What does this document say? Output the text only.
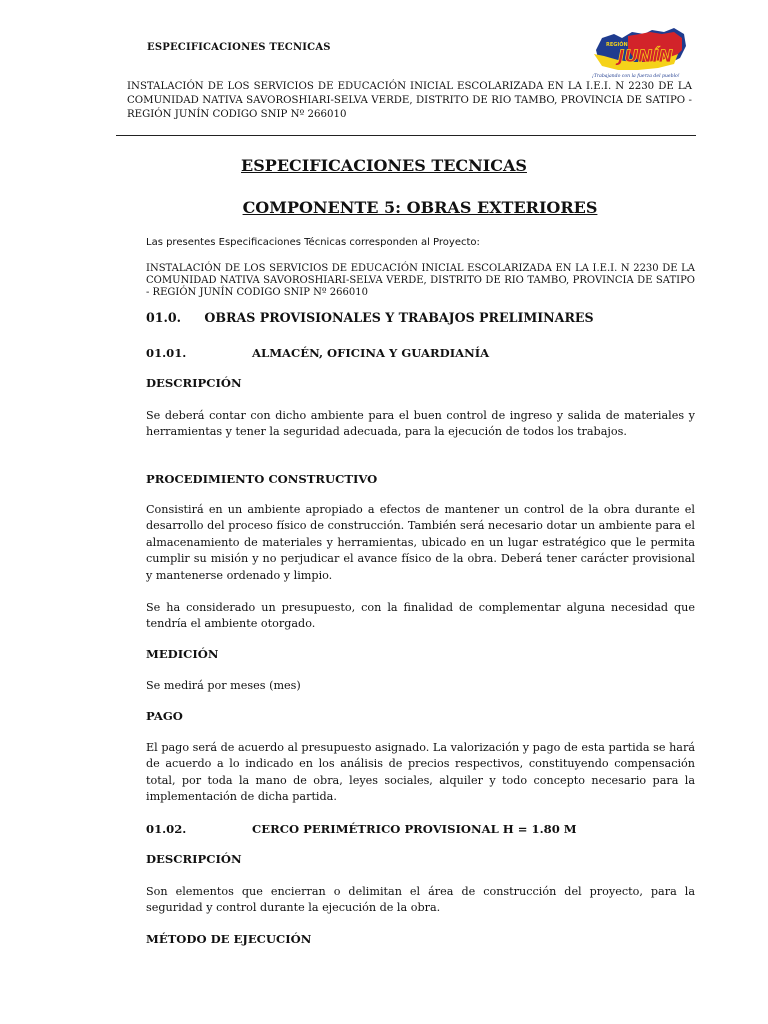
ESPECIFICACIONES TECNICAS	REGIÓN
JUNÍN
¡Trabajando con la fuerza del pueblo!
INSTALACIÓN DE LOS SERVICIOS DE EDUCACIÓN INICIAL ESCOLARIZADA EN LA I.E.I. N 2230 DE LA COMUNIDAD NATIVA SAVOROSHIARI-SELVA VERDE, DISTRITO DE RIO TAMBO, PROVINCIA DE SATIPO - REGIÓN JUNÍN CODIGO SNIP Nº 266010
ESPECIFICACIONES TECNICAS
COMPONENTE 5: OBRAS EXTERIORES
Las presentes Especificaciones Técnicas corresponden al Proyecto:
INSTALACIÓN DE LOS SERVICIOS DE EDUCACIÓN INICIAL ESCOLARIZADA EN LA I.E.I. N 2230 DE LA COMUNIDAD NATIVA SAVOROSHIARI-SELVA VERDE, DISTRITO DE RIO TAMBO, PROVINCIA DE SATIPO - REGIÓN JUNÍN CODIGO SNIP Nº 266010
01.0. OBRAS PROVISIONALES Y TRABAJOS PRELIMINARES
01.01.	ALMACÉN, OFICINA Y GUARDIANÍA
DESCRIPCIÓN
Se deberá contar con dicho ambiente para el buen control de ingreso y salida de materiales y herramientas y tener la seguridad adecuada, para la ejecución de todos los trabajos.
PROCEDIMIENTO CONSTRUCTIVO
Consistirá en un ambiente apropiado a efectos de mantener un control de la obra durante el desarrollo del proceso físico de construcción. También será necesario dotar un ambiente para el almacenamiento de materiales y herramientas, ubicado en un lugar estratégico que le permita cumplir su misión y no perjudicar el avance físico de la obra. Deberá tener carácter provisional y mantenerse ordenado y limpio.
Se ha considerado un presupuesto, con la finalidad de complementar alguna necesidad que tendría el ambiente otorgado.
MEDICIÓN
Se medirá por meses (mes)
PAGO
El pago será de acuerdo al presupuesto asignado. La valorización y pago de esta partida se hará de acuerdo a lo indicado en los análisis de precios respectivos, constituyendo compensación total, por toda la mano de obra, leyes sociales, alquiler y todo concepto necesario para la implementación de dicha partida.
01.02.	CERCO PERIMÉTRICO PROVISIONAL H = 1.80 M
DESCRIPCIÓN
Son elementos que encierran o delimitan el área de construcción del proyecto, para la seguridad y control durante la ejecución de la obra.
MÉTODO DE EJECUCIÓN
